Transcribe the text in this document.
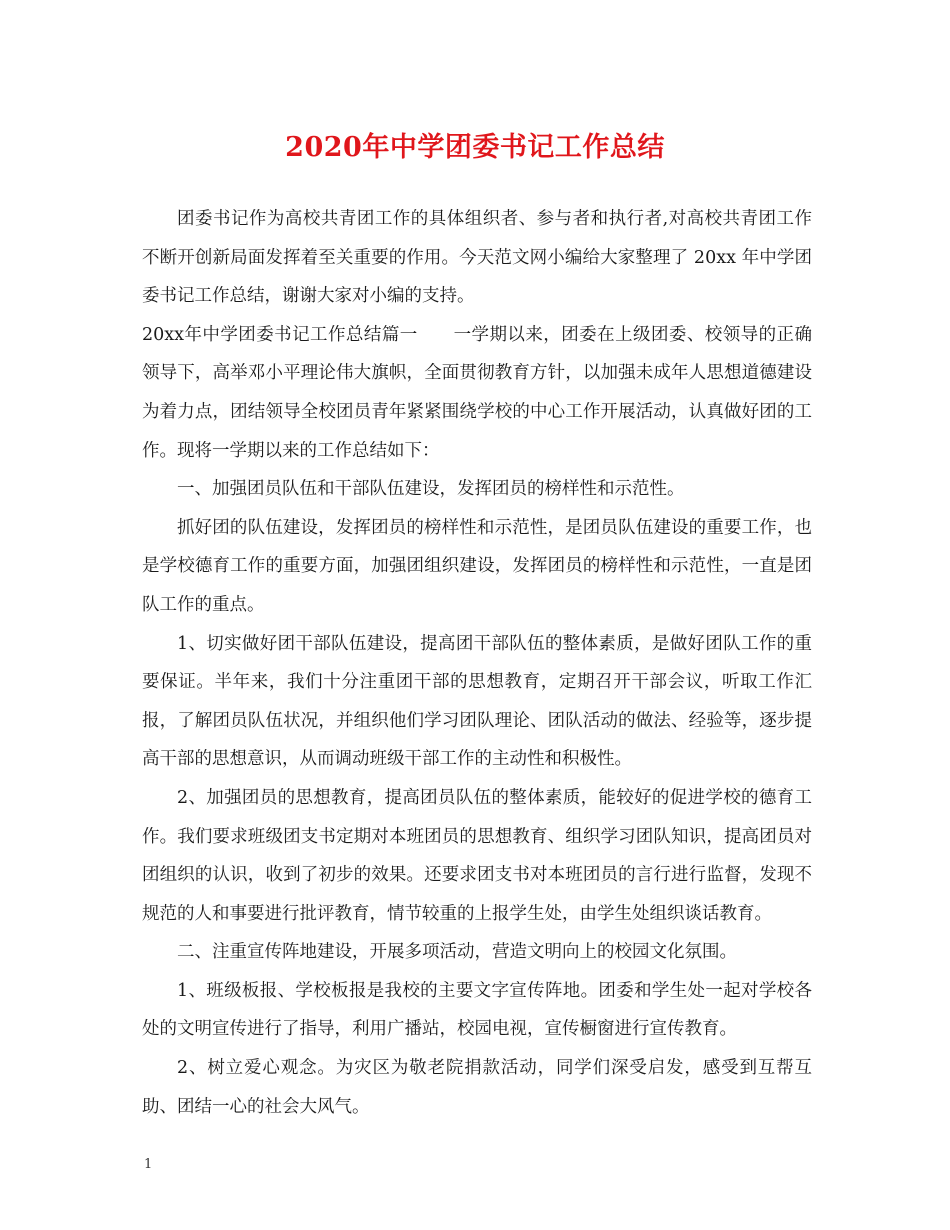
2020年中学团委书记工作总结

团委书记作为高校共青团工作的具体组织者、参与者和执行者,对高校共青团工作不断开创新局面发挥着至关重要的作用。今天范文网小编给大家整理了 20xx 年中学团委书记工作总结，谢谢大家对小编的支持。

20xx年中学团委书记工作总结篇一　　一学期以来，团委在上级团委、校领导的正确领导下，高举邓小平理论伟大旗帜，全面贯彻教育方针，以加强未成年人思想道德建设为着力点，团结领导全校团员青年紧紧围绕学校的中心工作开展活动，认真做好团的工作。现将一学期以来的工作总结如下：

一、加强团员队伍和干部队伍建设，发挥团员的榜样性和示范性。

抓好团的队伍建设，发挥团员的榜样性和示范性，是团员队伍建设的重要工作，也是学校德育工作的重要方面，加强团组织建设，发挥团员的榜样性和示范性，一直是团队工作的重点。

1、切实做好团干部队伍建设，提高团干部队伍的整体素质，是做好团队工作的重要保证。半年来，我们十分注重团干部的思想教育，定期召开干部会议，听取工作汇报，了解团员队伍状况，并组织他们学习团队理论、团队活动的做法、经验等，逐步提高干部的思想意识，从而调动班级干部工作的主动性和积极性。

2、加强团员的思想教育，提高团员队伍的整体素质，能较好的促进学校的德育工作。我们要求班级团支书定期对本班团员的思想教育、组织学习团队知识，提高团员对团组织的认识，收到了初步的效果。还要求团支书对本班团员的言行进行监督，发现不规范的人和事要进行批评教育，情节较重的上报学生处，由学生处组织谈话教育。

二、注重宣传阵地建设，开展多项活动，营造文明向上的校园文化氛围。

1、班级板报、学校板报是我校的主要文字宣传阵地。团委和学生处一起对学校各处的文明宣传进行了指导，利用广播站，校园电视，宣传橱窗进行宣传教育。

2、树立爱心观念。为灾区为敬老院捐款活动，同学们深受启发，感受到互帮互助、团结一心的社会大风气。

1
